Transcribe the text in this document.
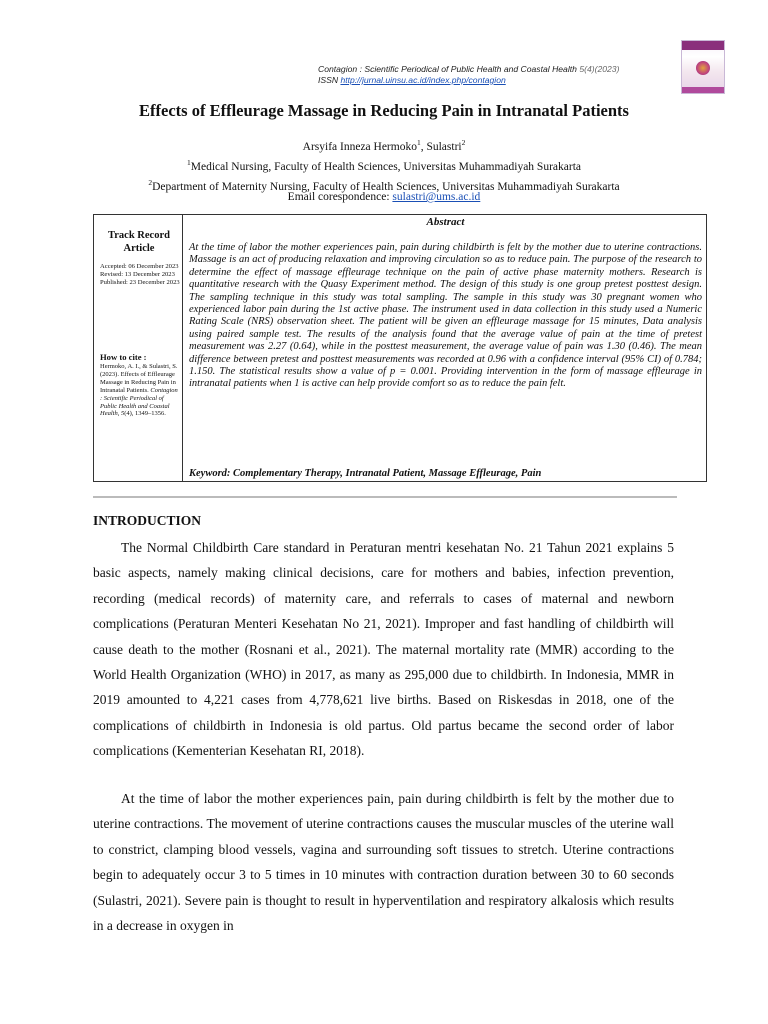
Contagion : Scientific Periodical of Public Health and Coastal Health 5(4)(2023)
ISSN http://jurnal.uinsu.ac.id/index.php/contagion
Effects of Effleurage Massage in Reducing Pain in Intranatal Patients
Arsyifa Inneza Hermoko$^1$, Sulastri$^2$
$^1$Medical Nursing, Faculty of Health Sciences, Universitas Muhammadiyah Surakarta
$^2$Department of Maternity Nursing, Faculty of Health Sciences, Universitas Muhammadiyah Surakarta
Email corespondence: sulastri@ums.ac.id
Track Record Article
Accepted: 06 December 2023
Revised: 13 December 2023
Published: 23 December 2023
How to cite :
Hermoko, A. I., & Sulastri, S. (2023). Effects of Effleurage Massage in Reducing Pain in Intranatal Patients. Contagion : Scientific Periodical of Public Health and Coastal Health, 5(4), 1349–1356.
Abstract
At the time of labor the mother experiences pain, pain during childbirth is felt by the mother due to uterine contractions. Massage is an act of producing relaxation and improving circulation so as to reduce pain. The purpose of the research to determine the effect of massage effleurage technique on the pain of active phase maternity mothers. Research is quantitative research with the Quasy Experiment method. The design of this study is one group pretest posttest design. The sampling technique in this study was total sampling. The sample in this study was 30 pregnant women who experienced labor pain during the 1st active phase. The instrument used in data collection in this study used a Numeric Rating Scale (NRS) observation sheet. The patient will be given an effleurage massage for 15 minutes, Data analysis using paired sample test. The results of the analysis found that the average value of pain at the time of pretest measurement was 2.27 (0.64), while in the posttest measurement, the average value of pain was 1.30 (0.46). The mean difference between pretest and posttest measurements was recorded at 0.96 with a confidence interval (95% CI) of 0.784; 1.150. The statistical results show a value of p = 0.001. Providing intervention in the form of massage effleurage in intranatal patients when 1 is active can help provide comfort so as to reduce the pain felt.
Keyword: Complementary Therapy, Intranatal Patient, Massage Effleurage, Pain
INTRODUCTION
The Normal Childbirth Care standard in Peraturan mentri kesehatan No. 21 Tahun 2021 explains 5 basic aspects, namely making clinical decisions, care for mothers and babies, infection prevention, recording (medical records) of maternity care, and referrals to cases of maternal and newborn complications (Peraturan Menteri Kesehatan No 21, 2021). Improper and fast handling of childbirth will cause death to the mother (Rosnani et al., 2021). The maternal mortality rate (MMR) according to the World Health Organization (WHO) in 2017, as many as 295,000 due to childbirth. In Indonesia, MMR in 2019 amounted to 4,221 cases from 4,778,621 live births. Based on Riskesdas in 2018, one of the complications of childbirth in Indonesia is old partus. Old partus became the second order of labor complications (Kementerian Kesehatan RI, 2018).
At the time of labor the mother experiences pain, pain during childbirth is felt by the mother due to uterine contractions. The movement of uterine contractions causes the muscular muscles of the uterine wall to constrict, clamping blood vessels, vagina and surrounding soft tissues to stretch. Uterine contractions begin to adequately occur 3 to 5 times in 10 minutes with contraction duration between 30 to 60 seconds (Sulastri, 2021). Severe pain is thought to result in hyperventilation and respiratory alkalosis which results in a decrease in oxygen in
